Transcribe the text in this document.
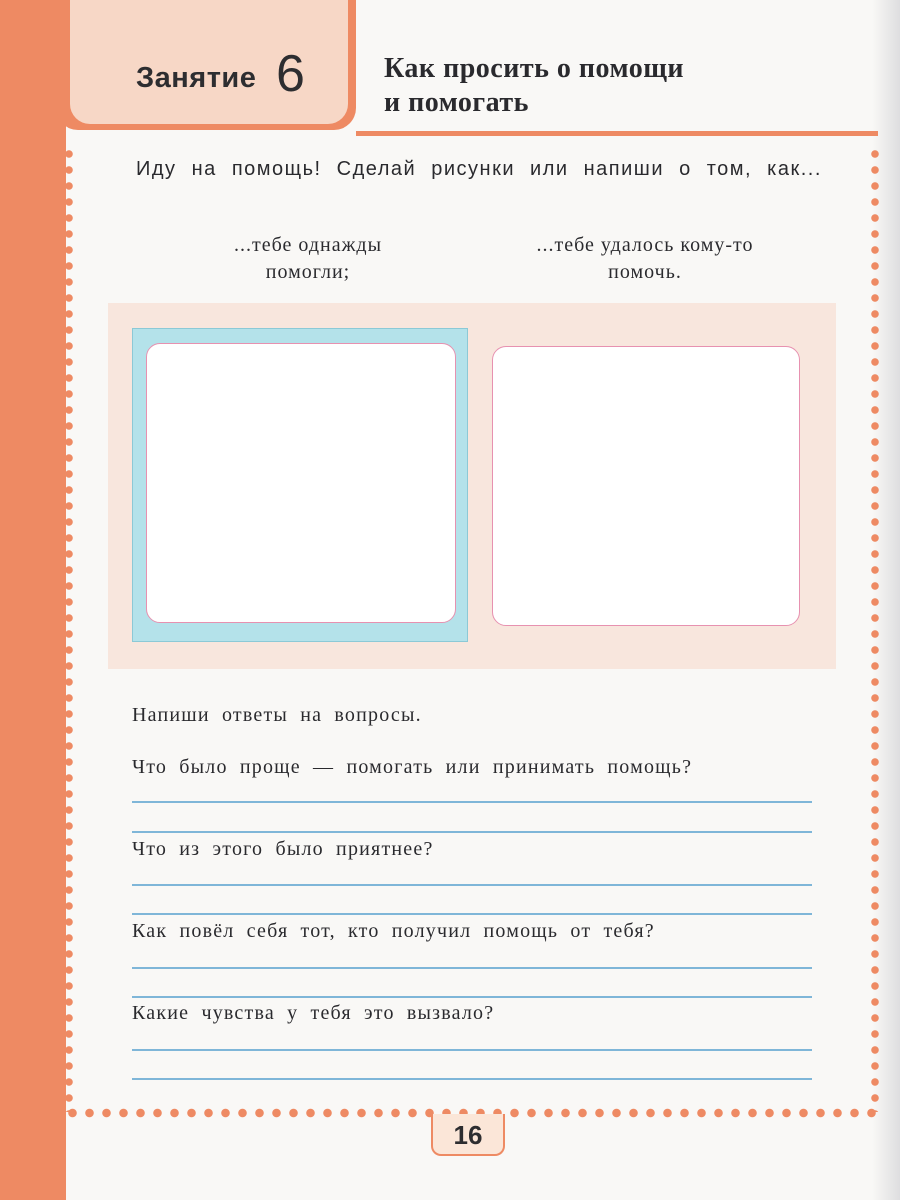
Занятие 6	Как просить о помощи
и помогать
Иду на помощь! Сделай рисунки или напиши о том, как...
...тебе однажды
помогли;
...тебе удалось кому-то
помочь.
Напиши ответы на вопросы.
Что было проще — помогать или принимать помощь?
Что из этого было приятнее?
Как повёл себя тот, кто получил помощь от тебя?
Какие чувства у тебя это вызвало?
16
